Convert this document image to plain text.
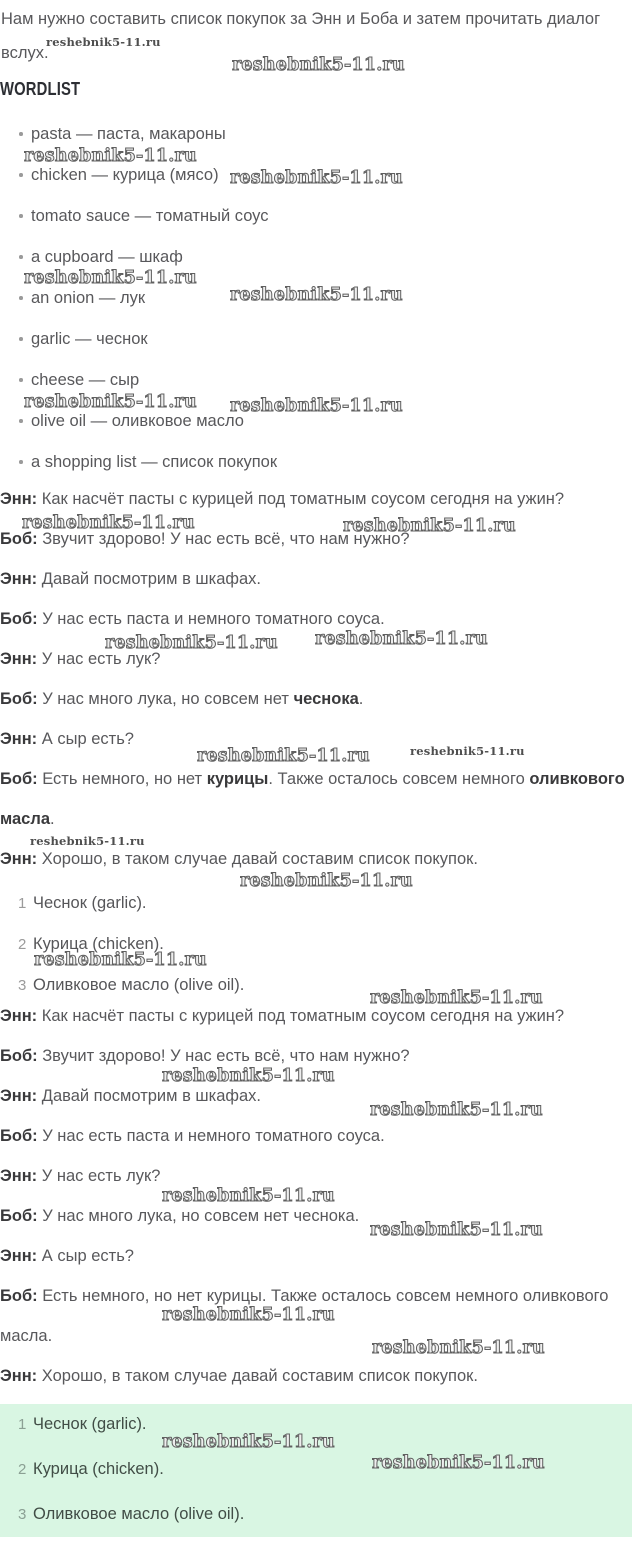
Нам нужно составить список покупок за Энн и Боба и затем прочитать диалог вслух.

WORDLIST
pasta — паста, макароны
chicken — курица (мясо)
tomato sauce — томатный соус
a cupboard — шкаф
an onion — лук
garlic — чеснок
cheese — сыр
olive oil — оливковое масло
a shopping list — список покупок

Энн: Как насчёт пасты с курицей под томатным соусом сегодня на ужин?

Боб: Звучит здорово! У нас есть всё, что нам нужно?

Энн: Давай посмотрим в шкафах.

Боб: У нас есть паста и немного томатного соуса.

Энн: У нас есть лук?

Боб: У нас много лука, но совсем нет чеснока.

Энн: А сыр есть?

Боб: Есть немного, но нет курицы. Также осталось совсем немного оливкового масла.

Энн: Хорошо, в таком случае давай составим список покупок.

1 Чеснок (garlic).
2 Курица (chicken).
3 Оливковое масло (olive oil).

Энн: Как насчёт пасты с курицей под томатным соусом сегодня на ужин?

Боб: Звучит здорово! У нас есть всё, что нам нужно?

Энн: Давай посмотрим в шкафах.

Боб: У нас есть паста и немного томатного соуса.

Энн: У нас есть лук?

Боб: У нас много лука, но совсем нет чеснока.

Энн: А сыр есть?

Боб: Есть немного, но нет курицы. Также осталось совсем немного оливкового масла.

Энн: Хорошо, в таком случае давай составим список покупок.

1 Чеснок (garlic).
2 Курица (chicken).
3 Оливковое масло (olive oil).
reshebnik5-11.ru
reshebnik5-11.ru
reshebnik5-11.ru
reshebnik5-11.ru
reshebnik5-11.ru
reshebnik5-11.ru
reshebnik5-11.ru reshebnik5-11.ru
reshebnik5-11.ru	reshebnik5-11.ru
reshebnik5-11.ru reshebnik5-11.ru
reshebnik5-11.ru	reshebnik5-11.ru
reshebnik5-11.ru
reshebnik5-11.ru
reshebnik5-11.ru
reshebnik5-11.ru
reshebnik5-11.ru
reshebnik5-11.ru
reshebnik5-11.ru
reshebnik5-11.ru
reshebnik5-11.ru
reshebnik5-11.ru
reshebnik5-11.ru
reshebnik5-11.ru
